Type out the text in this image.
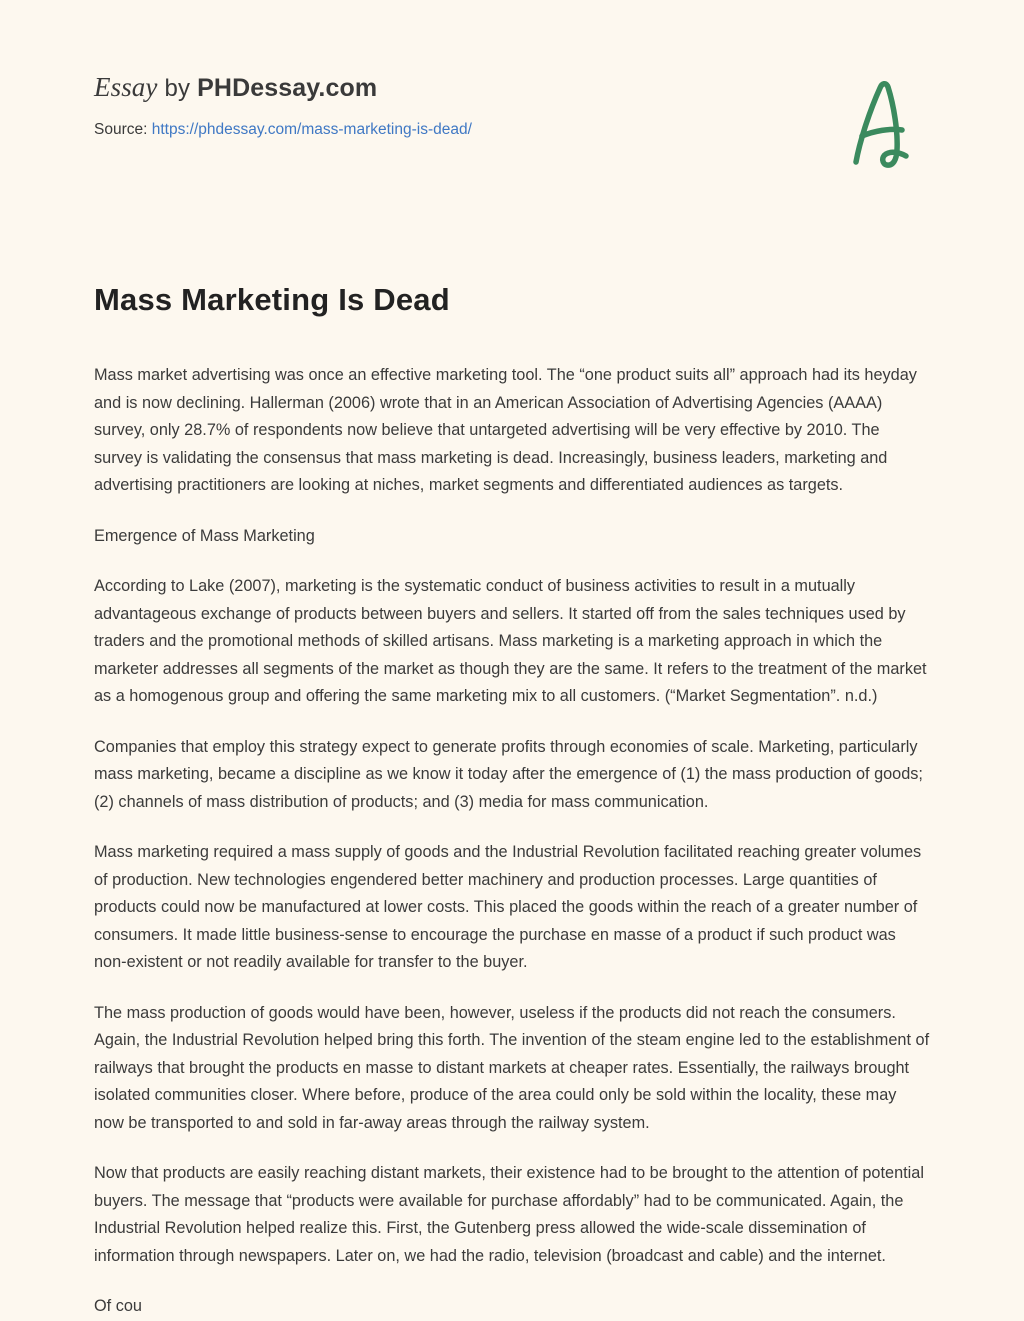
Essay by PHDessay.com
Source: https://phdessay.com/mass-marketing-is-dead/
Mass Marketing Is Dead

Mass market advertising was once an effective marketing tool. The “one product suits all” approach had its heyday and is now declining. Hallerman (2006) wrote that in an American Association of Advertising Agencies (AAAA) survey, only 28.7% of respondents now believe that untargeted advertising will be very effective by 2010. The survey is validating the consensus that mass marketing is dead. Increasingly, business leaders, marketing and advertising practitioners are looking at niches, market segments and differentiated audiences as targets.

Emergence of Mass Marketing

According to Lake (2007), marketing is the systematic conduct of business activities to result in a mutually advantageous exchange of products between buyers and sellers. It started off from the sales techniques used by traders and the promotional methods of skilled artisans. Mass marketing is a marketing approach in which the marketer addresses all segments of the market as though they are the same. It refers to the treatment of the market as a homogenous group and offering the same marketing mix to all customers. (“Market Segmentation”. n.d.)

Companies that employ this strategy expect to generate profits through economies of scale. Marketing, particularly mass marketing, became a discipline as we know it today after the emergence of (1) the mass production of goods; (2) channels of mass distribution of products; and (3) media for mass communication.

Mass marketing required a mass supply of goods and the Industrial Revolution facilitated reaching greater volumes of production. New technologies engendered better machinery and production processes. Large quantities of products could now be manufactured at lower costs. This placed the goods within the reach of a greater number of consumers. It made little business-sense to encourage the purchase en masse of a product if such product was non-existent or not readily available for transfer to the buyer.

The mass production of goods would have been, however, useless if the products did not reach the consumers. Again, the Industrial Revolution helped bring this forth. The invention of the steam engine led to the establishment of railways that brought the products en masse to distant markets at cheaper rates. Essentially, the railways brought isolated communities closer. Where before, produce of the area could only be sold within the locality, these may now be transported to and sold in far-away areas through the railway system.

Now that products are easily reaching distant markets, their existence had to be brought to the attention of potential buyers. The message that “products were available for purchase affordably” had to be communicated. Again, the Industrial Revolution helped realize this. First, the Gutenberg press allowed the wide-scale dissemination of information through newspapers. Later on, we had the radio, television (broadcast and cable) and the internet.

Of cou
